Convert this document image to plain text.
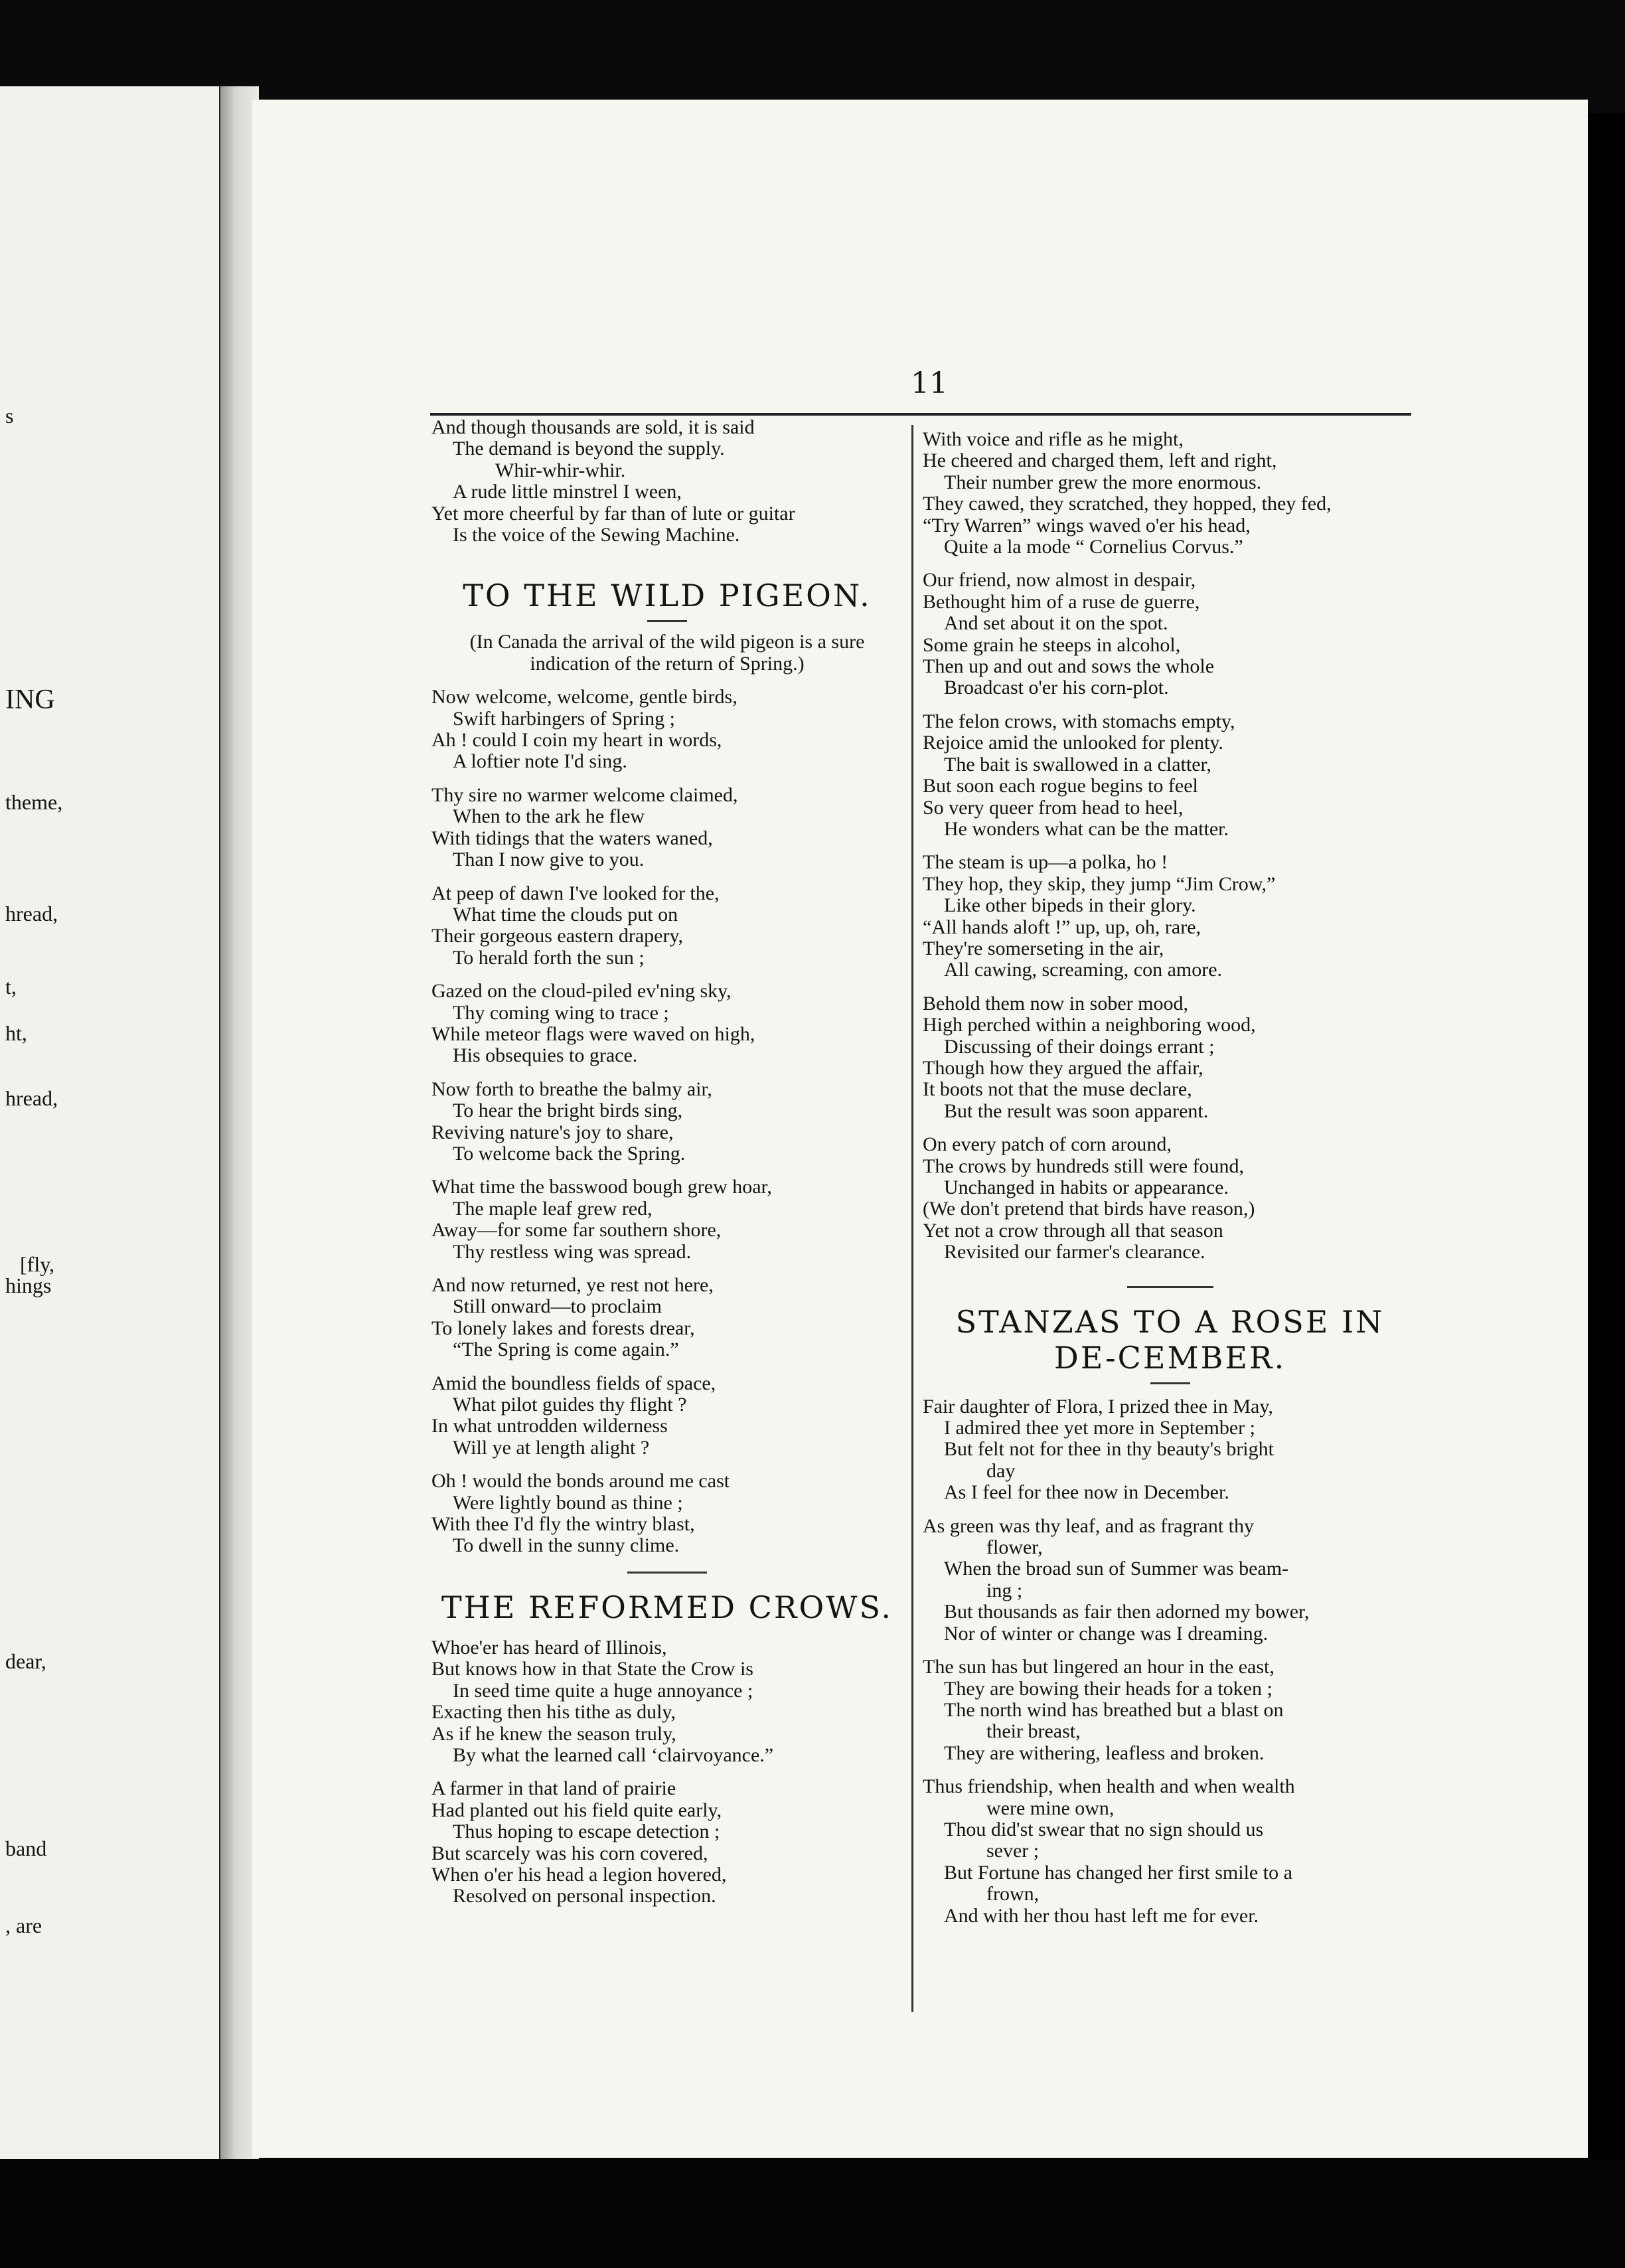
s
ING
theme,
hread,
t,
ht,
hread,
[fly,
hings
dear,
band
, are
11
And though thousands are sold, it is said
The demand is beyond the supply.
Whir-whir-whir.
A rude little minstrel I ween,
Yet more cheerful by far than of lute or guitar
Is the voice of the Sewing Machine.
TO THE WILD PIGEON.
(In Canada the arrival of the wild pigeon is a sure indication of the return of Spring.)
Now welcome, welcome, gentle birds,
Swift harbingers of Spring ;
Ah ! could I coin my heart in words,
A loftier note I'd sing.
Thy sire no warmer welcome claimed,
When to the ark he flew
With tidings that the waters waned,
Than I now give to you.
At peep of dawn I've looked for the,
What time the clouds put on
Their gorgeous eastern drapery,
To herald forth the sun ;
Gazed on the cloud-piled ev'ning sky,
Thy coming wing to trace ;
While meteor flags were waved on high,
His obsequies to grace.
Now forth to breathe the balmy air,
To hear the bright birds sing,
Reviving nature's joy to share,
To welcome back the Spring.
What time the basswood bough grew hoar,
The maple leaf grew red,
Away—for some far southern shore,
Thy restless wing was spread.
And now returned, ye rest not here,
Still onward—to proclaim
To lonely lakes and forests drear,
“The Spring is come again.”
Amid the boundless fields of space,
What pilot guides thy flight ?
In what untrodden wilderness
Will ye at length alight ?
Oh ! would the bonds around me cast
Were lightly bound as thine ;
With thee I'd fly the wintry blast,
To dwell in the sunny clime.
THE REFORMED CROWS.
Whoe'er has heard of Illinois,
But knows how in that State the Crow is
In seed time quite a huge annoyance ;
Exacting then his tithe as duly,
As if he knew the season truly,
By what the learned call ‘clairvoyance.”
A farmer in that land of prairie
Had planted out his field quite early,
Thus hoping to escape detection ;
But scarcely was his corn covered,
When o'er his head a legion hovered,
Resolved on personal inspection.
With voice and rifle as he might,
He cheered and charged them, left and right,
Their number grew the more enormous.
They cawed, they scratched, they hopped, they fed,
“Try Warren” wings waved o'er his head,
Quite a la mode “ Cornelius Corvus.”
Our friend, now almost in despair,
Bethought him of a ruse de guerre,
And set about it on the spot.
Some grain he steeps in alcohol,
Then up and out and sows the whole
Broadcast o'er his corn-plot.
The felon crows, with stomachs empty,
Rejoice amid the unlooked for plenty.
The bait is swallowed in a clatter,
But soon each rogue begins to feel
So very queer from head to heel,
He wonders what can be the matter.
The steam is up—a polka, ho !
They hop, they skip, they jump “Jim Crow,”
Like other bipeds in their glory.
“All hands aloft !” up, up, oh, rare,
They're somerseting in the air,
All cawing, screaming, con amore.
Behold them now in sober mood,
High perched within a neighboring wood,
Discussing of their doings errant ;
Though how they argued the affair,
It boots not that the muse declare,
But the result was soon apparent.
On every patch of corn around,
The crows by hundreds still were found,
Unchanged in habits or appearance.
(We don't pretend that birds have reason,)
Yet not a crow through all that season
Revisited our farmer's clearance.
STANZAS TO A ROSE IN DE-CEMBER.
Fair daughter of Flora, I prized thee in May,
I admired thee yet more in September ;
But felt not for thee in thy beauty's bright
day
As I feel for thee now in December.
As green was thy leaf, and as fragrant thy
flower,
When the broad sun of Summer was beam-
ing ;
But thousands as fair then adorned my bower,
Nor of winter or change was I dreaming.
The sun has but lingered an hour in the east,
They are bowing their heads for a token ;
The north wind has breathed but a blast on
their breast,
They are withering, leafless and broken.
Thus friendship, when health and when wealth
were mine own,
Thou did'st swear that no sign should us
sever ;
But Fortune has changed her first smile to a
frown,
And with her thou hast left me for ever.
